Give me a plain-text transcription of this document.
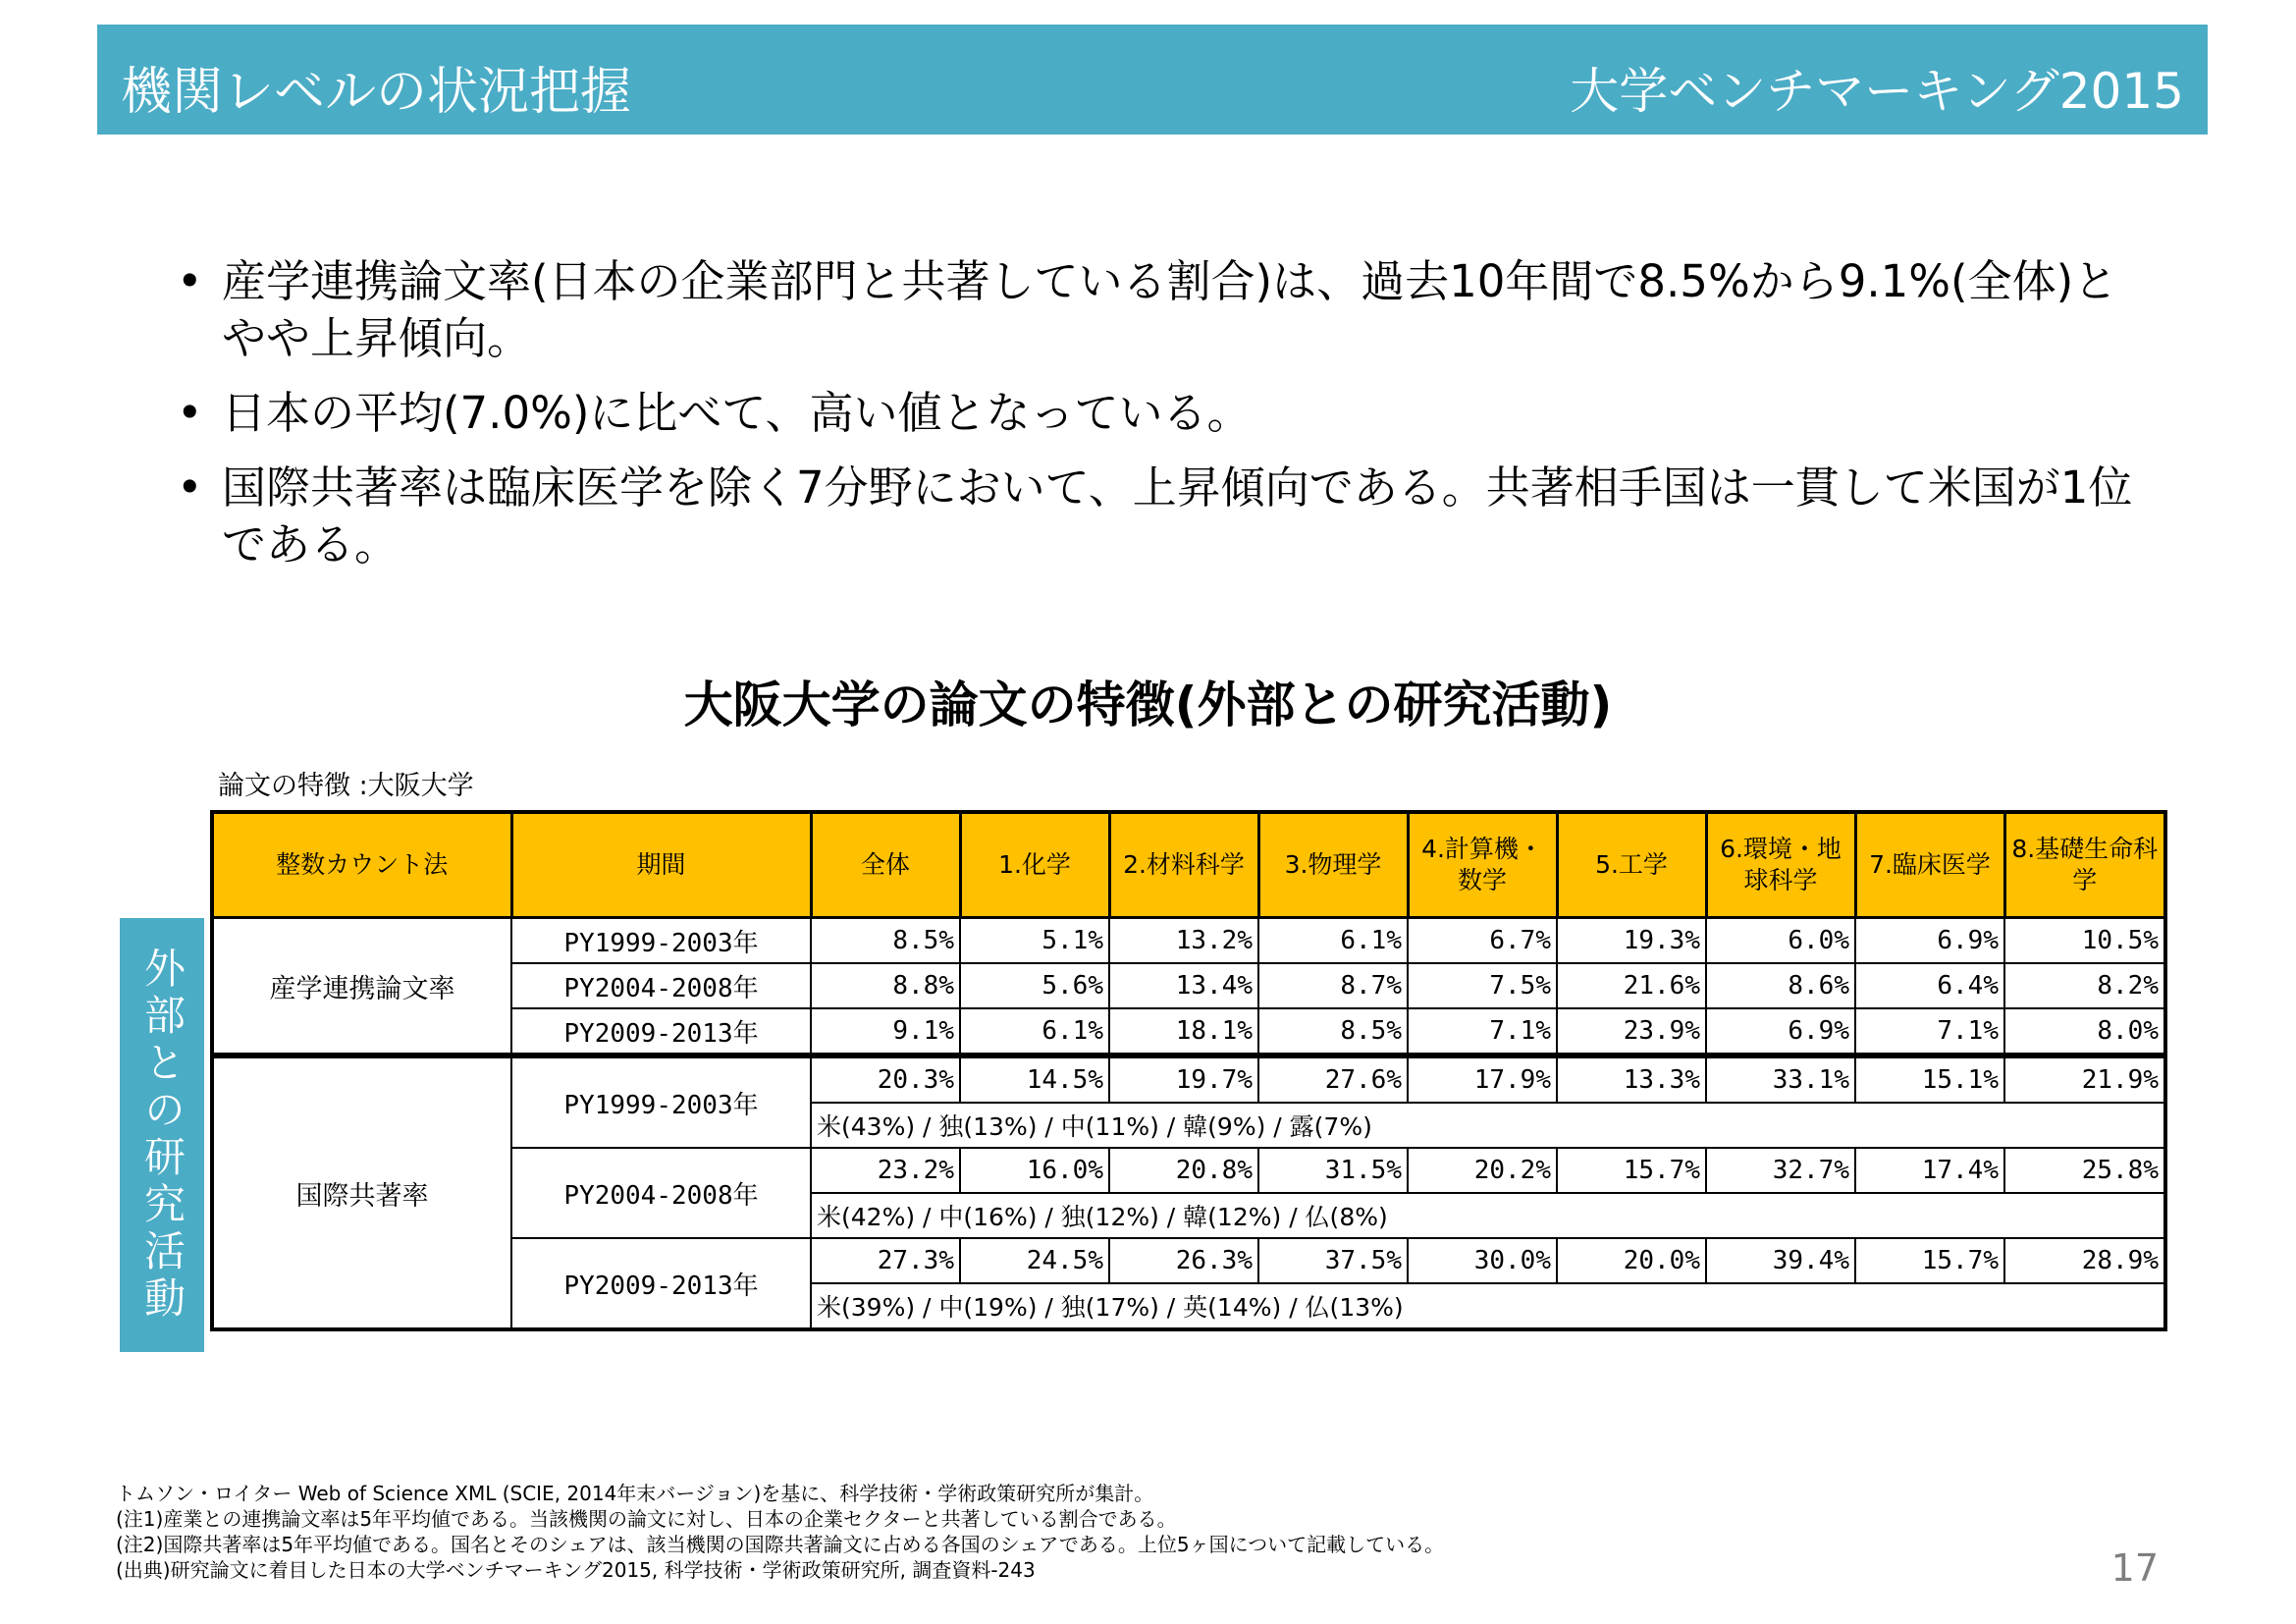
機関レベルの状況把握	大学ベンチマーキング2015
• 産学連携論文率(日本の企業部門と共著している割合)は、過去10年間で8.5%から9.1%(全体)とやや上昇傾向。
• 日本の平均(7.0%)に比べて、高い値となっている。
• 国際共著率は臨床医学を除く7分野において、上昇傾向である。共著相手国は一貫して米国が1位である。
大阪大学の論文の特徴(外部との研究活動)
論文の特徴 :大阪大学
外部との研究活動
整数カウント法	期間	全体	1.化学	2.材料科学	3.物理学	4.計算機・数学	5.工学	6.環境・地球科学	7.臨床医学	8.基礎生命科学
産学連携論文率	PY1999-2003年	8.5%	5.1%	13.2%	6.1%	6.7%	19.3%	6.0%	6.9%	10.5%
	PY2004-2008年	8.8%	5.6%	13.4%	8.7%	7.5%	21.6%	8.6%	6.4%	8.2%
	PY2009-2013年	9.1%	6.1%	18.1%	8.5%	7.1%	23.9%	6.9%	7.1%	8.0%
国際共著率	PY1999-2003年	20.3%	14.5%	19.7%	27.6%	17.9%	13.3%	33.1%	15.1%	21.9%
		米(43%) / 独(13%) / 中(11%) / 韓(9%) / 露(7%)								
	PY2004-2008年	23.2%	16.0%	20.8%	31.5%	20.2%	15.7%	32.7%	17.4%	25.8%
		米(42%) / 中(16%) / 独(12%) / 韓(12%) / 仏(8%)								
	PY2009-2013年	27.3%	24.5%	26.3%	37.5%	30.0%	20.0%	39.4%	15.7%	28.9%
		米(39%) / 中(19%) / 独(17%) / 英(14%) / 仏(13%)								
トムソン・ロイター Web of Science XML (SCIE, 2014年末バージョン)を基に、科学技術・学術政策研究所が集計。
(注1)産業との連携論文率は5年平均値である。当該機関の論文に対し、日本の企業セクターと共著している割合である。
(注2)国際共著率は5年平均値である。国名とそのシェアは、該当機関の国際共著論文に占める各国のシェアである。上位5ヶ国について記載している。
(出典)研究論文に着目した日本の大学ベンチマーキング2015, 科学技術・学術政策研究所, 調査資料-243	17
